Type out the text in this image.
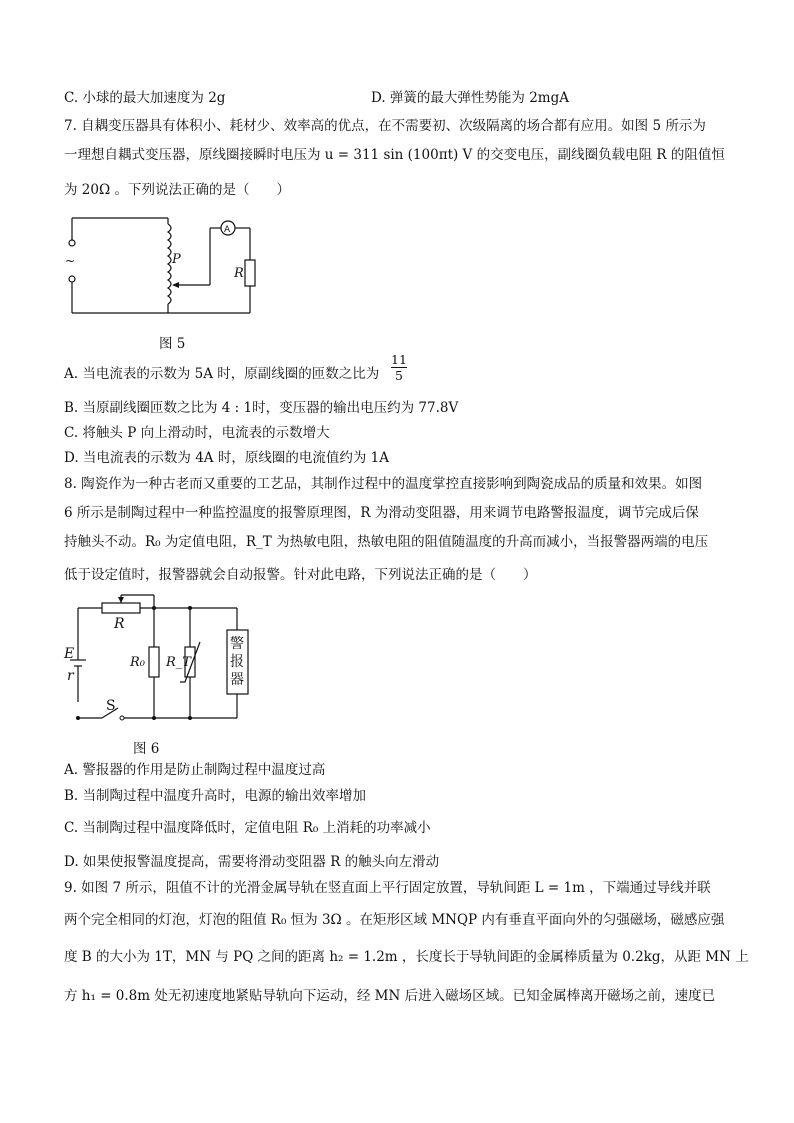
C. 小球的最大加速度为 2g	D. 弹簧的最大弹性势能为 2mgA
7. 自耦变压器具有体积小、耗材少、效率高的优点，在不需要初、次级隔离的场合都有应用。如图 5 所示为
一理想自耦式变压器，原线圈接瞬时电压为 u = 311 sin (100πt) V 的交变电压，副线圈负载电阻 R 的阻值恒
为 20Ω 。下列说法正确的是（　　）
~	P
A
R
图 5
A. 当电流表的示数为 5A 时，原副线圈的匝数之比为 $\frac{11}{5}$
B. 当原副线圈匝数之比为 4 : 1时，变压器的输出电压约为 77.8V
C. 将触头 P 向上滑动时，电流表的示数增大
D. 当电流表的示数为 4A 时，原线圈的电流值约为 1A
8. 陶瓷作为一种古老而又重要的工艺品，其制作过程中的温度掌控直接影响到陶瓷成品的质量和效果。如图
6 所示是制陶过程中一种监控温度的报警原理图，R 为滑动变阻器，用来调节电路警报温度，调节完成后保
持触头不动。R₀ 为定值电阻，R_T 为热敏电阻，热敏电阻的阻值随温度的升高而减小，当报警器两端的电压
低于设定值时，报警器就会自动报警。针对此电路，下列说法正确的是（　　）
R
E
r
S
R₀ R_T
警报器
图 6
A. 警报器的作用是防止制陶过程中温度过高
B. 当制陶过程中温度升高时，电源的输出效率增加
C. 当制陶过程中温度降低时，定值电阻 R₀ 上消耗的功率减小
D. 如果使报警温度提高，需要将滑动变阻器 R 的触头向左滑动
9. 如图 7 所示，阻值不计的光滑金属导轨在竖直面上平行固定放置，导轨间距 L = 1m ，下端通过导线并联
两个完全相同的灯泡，灯泡的阻值 R₀ 恒为 3Ω 。在矩形区域 MNQP 内有垂直平面向外的匀强磁场，磁感应强
度 B 的大小为 1T，MN 与 PQ 之间的距离 h₂ = 1.2m ，长度长于导轨间距的金属棒质量为 0.2kg，从距 MN 上
方 h₁ = 0.8m 处无初速度地紧贴导轨向下运动，经 MN 后进入磁场区域。已知金属棒离开磁场之前，速度已
